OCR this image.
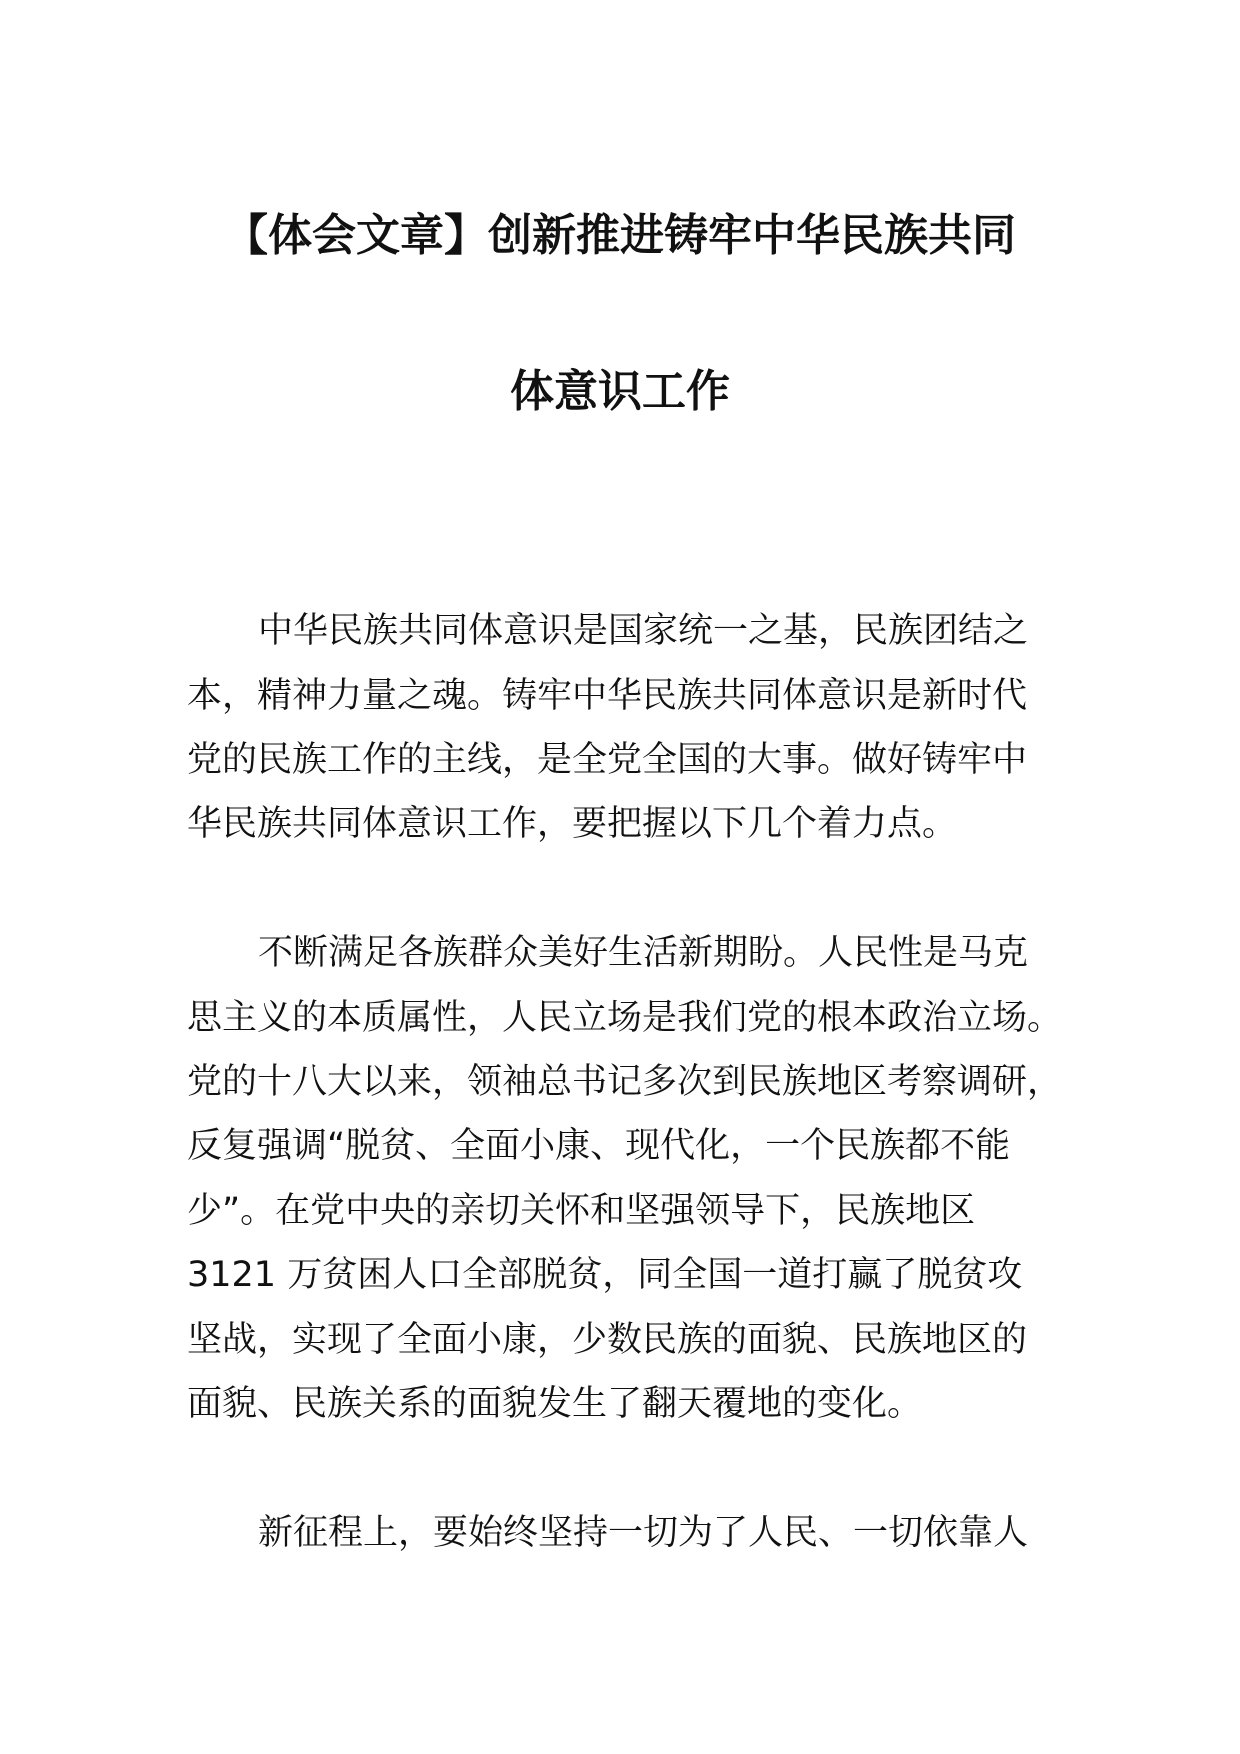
【体会文章】创新推进铸牢中华民族共同
体意识工作
中华民族共同体意识是国家统一之基，民族团结之
本，精神力量之魂。铸牢中华民族共同体意识是新时代
党的民族工作的主线，是全党全国的大事。做好铸牢中
华民族共同体意识工作，要把握以下几个着力点。
不断满足各族群众美好生活新期盼。人民性是马克
思主义的本质属性，人民立场是我们党的根本政治立场。
党的十八大以来，领袖总书记多次到民族地区考察调研，
反复强调“脱贫、全面小康、现代化，一个民族都不能
少”。在党中央的亲切关怀和坚强领导下，民族地区
3121 万贫困人口全部脱贫，同全国一道打赢了脱贫攻
坚战，实现了全面小康，少数民族的面貌、民族地区的
面貌、民族关系的面貌发生了翻天覆地的变化。
新征程上，要始终坚持一切为了人民、一切依靠人
